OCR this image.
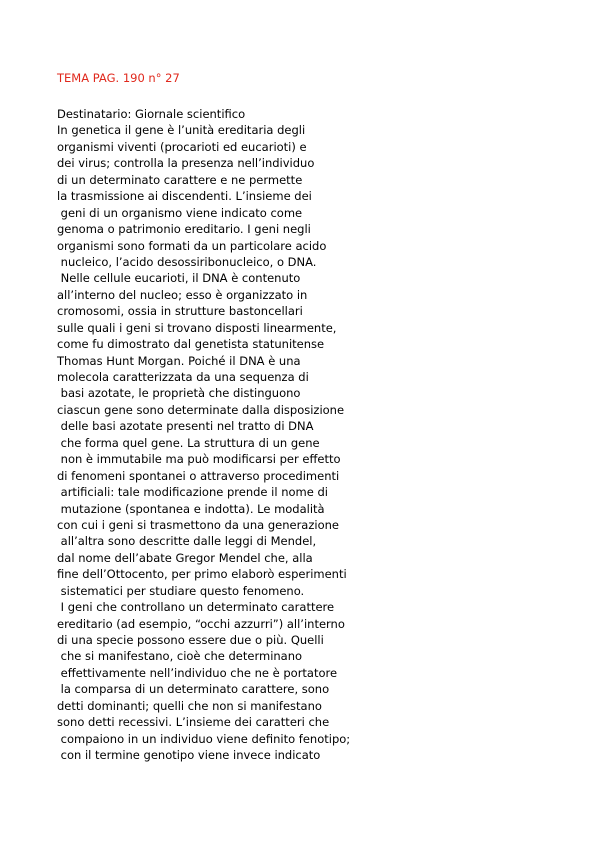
TEMA PAG. 190 n° 27
Destinatario: Giornale scientifico
In genetica il gene è l’unità ereditaria degli
organismi viventi (procarioti ed eucarioti) e
dei virus; controlla la presenza nell’individuo
di un determinato carattere e ne permette
la trasmissione ai discendenti. L’insieme dei
geni di un organismo viene indicato come
genoma o patrimonio ereditario. I geni negli
organismi sono formati da un particolare acido
nucleico, l’acido desossiribonucleico, o DNA.
Nelle cellule eucarioti, il DNA è contenuto
all’interno del nucleo; esso è organizzato in
cromosomi, ossia in strutture bastoncellari
sulle quali i geni si trovano disposti linearmente,
come fu dimostrato dal genetista statunitense
Thomas Hunt Morgan. Poiché il DNA è una
molecola caratterizzata da una sequenza di
basi azotate, le proprietà che distinguono
ciascun gene sono determinate dalla disposizione
delle basi azotate presenti nel tratto di DNA
che forma quel gene. La struttura di un gene
non è immutabile ma può modificarsi per effetto
di fenomeni spontanei o attraverso procedimenti
artificiali: tale modificazione prende il nome di
mutazione (spontanea e indotta). Le modalità
con cui i geni si trasmettono da una generazione
all’altra sono descritte dalle leggi di Mendel,
dal nome dell’abate Gregor Mendel che, alla
fine dell’Ottocento, per primo elaborò esperimenti
sistematici per studiare questo fenomeno.
I geni che controllano un determinato carattere
ereditario (ad esempio, “occhi azzurri”) all’interno
di una specie possono essere due o più. Quelli
che si manifestano, cioè che determinano
effettivamente nell’individuo che ne è portatore
la comparsa di un determinato carattere, sono
detti dominanti; quelli che non si manifestano
sono detti recessivi. L’insieme dei caratteri che
compaiono in un individuo viene definito fenotipo;
con il termine genotipo viene invece indicato
